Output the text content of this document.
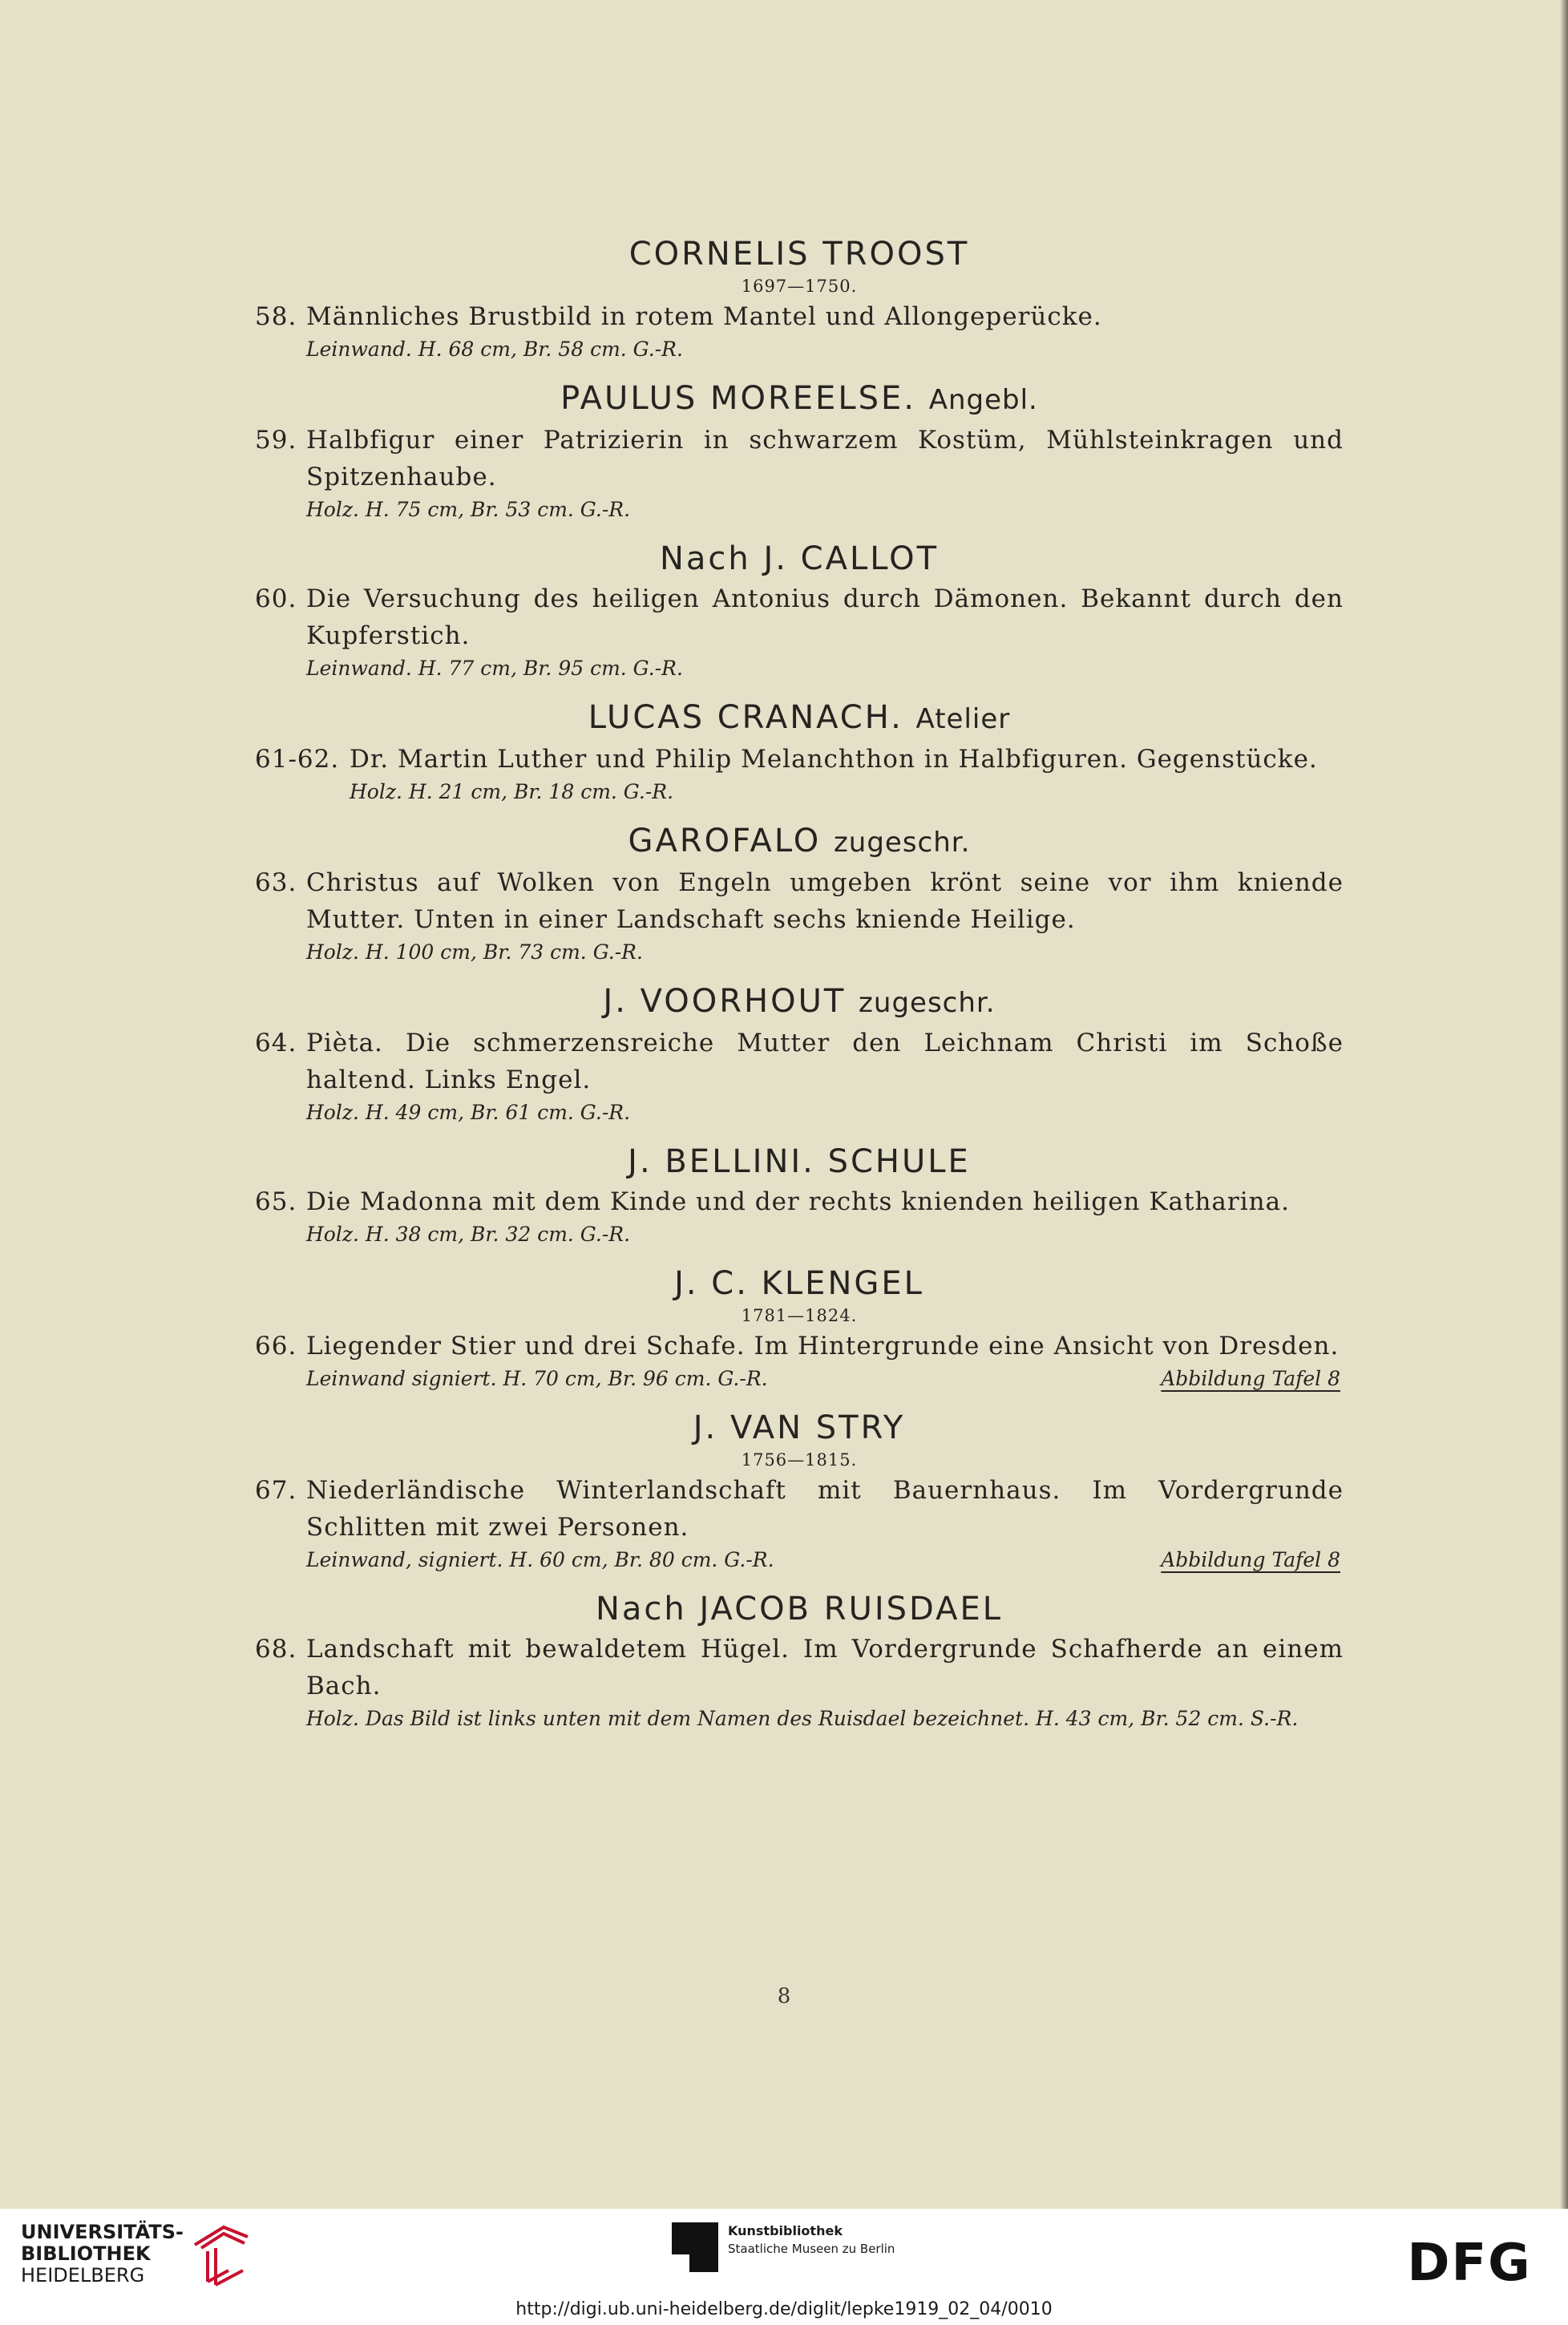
CORNELIS TROOST
1697—1750.
58. Männliches Brustbild in rotem Mantel und Allongeperücke.
Leinwand. H. 68 cm, Br. 58 cm. G.-R.
PAULUS MOREELSE. Angebl.
59. Halbfigur einer Patrizierin in schwarzem Kostüm, Mühlsteinkragen und Spitzenhaube.
Holz. H. 75 cm, Br. 53 cm. G.-R.
Nach J. CALLOT
60. Die Versuchung des heiligen Antonius durch Dämonen. Bekannt durch den Kupferstich.
Leinwand. H. 77 cm, Br. 95 cm. G.-R.
LUCAS CRANACH. Atelier
61-62. Dr. Martin Luther und Philip Melanchthon in Halbfiguren. Gegenstücke.
Holz. H. 21 cm, Br. 18 cm. G.-R.
GAROFALO zugeschr.
63. Christus auf Wolken von Engeln umgeben krönt seine vor ihm kniende Mutter. Unten in einer Landschaft sechs kniende Heilige.
Holz. H. 100 cm, Br. 73 cm. G.-R.
J. VOORHOUT zugeschr.
64. Pièta. Die schmerzensreiche Mutter den Leichnam Christi im Schoße haltend. Links Engel.
Holz. H. 49 cm, Br. 61 cm. G.-R.
J. BELLINI. SCHULE
65. Die Madonna mit dem Kinde und der rechts knienden heiligen Katharina.
Holz. H. 38 cm, Br. 32 cm. G.-R.
J. C. KLENGEL
1781—1824.
66. Liegender Stier und drei Schafe. Im Hintergrunde eine Ansicht von Dresden.
Leinwand signiert. H. 70 cm, Br. 96 cm. G.-R.	Abbildung Tafel 8
J. VAN STRY
1756—1815.
67. Niederländische Winterlandschaft mit Bauernhaus. Im Vordergrunde Schlitten mit zwei Personen.
Leinwand, signiert. H. 60 cm, Br. 80 cm. G.-R.	Abbildung Tafel 8
Nach JACOB RUISDAEL
68. Landschaft mit bewaldetem Hügel. Im Vordergrunde Schafherde an einem Bach.
Holz. Das Bild ist links unten mit dem Namen des Ruisdael bezeichnet. H. 43 cm, Br. 52 cm. S.-R.
8
UNIVERSITÄTS-
BIBLIOTHEK
HEIDELBERG
Kunstbibliothek
Staatliche Museen zu Berlin	DFG
http://digi.ub.uni-heidelberg.de/diglit/lepke1919_02_04/0010
